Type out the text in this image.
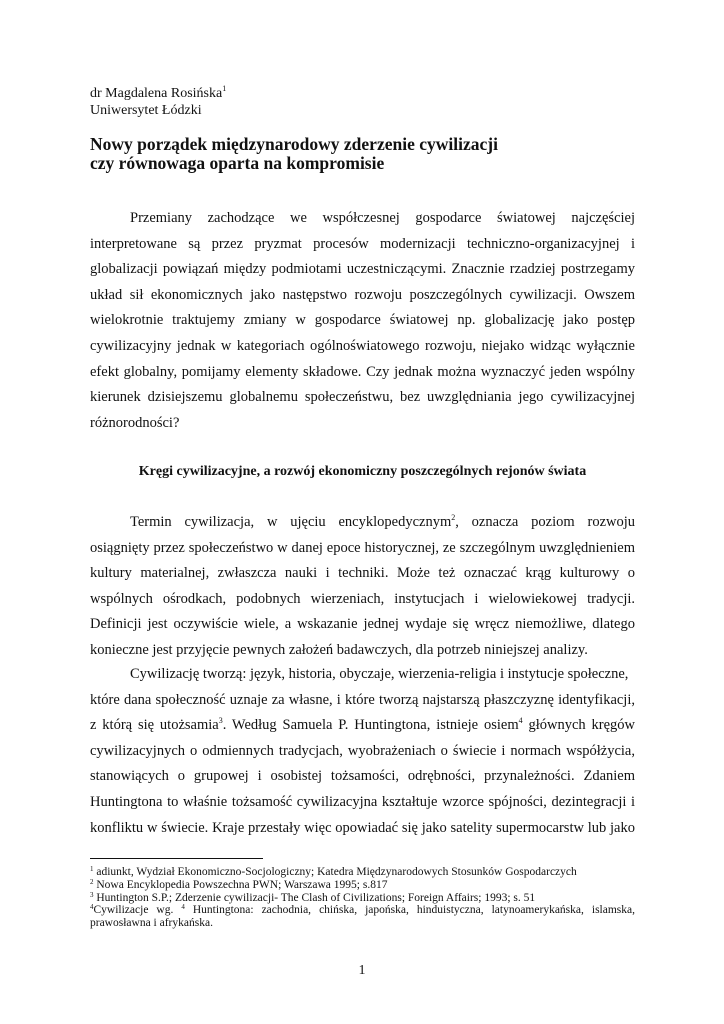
dr Magdalena Rosińska$^1$
Uniwersytet Łódzki
Nowy porządek międzynarodowy zderzenie cywilizacji
czy równowaga oparta na kompromisie
Przemiany zachodzące we współczesnej gospodarce światowej najczęściej
interpretowane są przez pryzmat procesów modernizacji techniczno-organizacyjnej i
globalizacji powiązań między podmiotami uczestniczącymi. Znacznie rzadziej postrzegamy
układ sił ekonomicznych jako następstwo rozwoju poszczególnych cywilizacji. Owszem
wielokrotnie traktujemy zmiany w gospodarce światowej np. globalizację jako postęp
cywilizacyjny jednak w kategoriach ogólnoświatowego rozwoju, niejako widząc wyłącznie
efekt globalny, pomijamy elementy składowe. Czy jednak można wyznaczyć jeden wspólny
kierunek dzisiejszemu globalnemu społeczeństwu, bez uwzględniania jego cywilizacyjnej
różnorodności?
Kręgi cywilizacyjne, a rozwój ekonomiczny poszczególnych rejonów świata
Termin cywilizacja, w ujęciu encyklopedycznym$^2$, oznacza poziom rozwoju
osiągnięty przez społeczeństwo w danej epoce historycznej, ze szczególnym uwzględnieniem
kultury materialnej, zwłaszcza nauki i techniki. Może też oznaczać krąg kulturowy o
wspólnych ośrodkach, podobnych wierzeniach, instytucjach i wielowiekowej tradycji.
Definicji jest oczywiście wiele, a wskazanie jednej wydaje się wręcz niemożliwe, dlatego
konieczne jest przyjęcie pewnych założeń badawczych, dla potrzeb niniejszej analizy.
Cywilizację tworzą: język, historia, obyczaje, wierzenia-religia i instytucje społeczne,
które dana społeczność uznaje za własne, i które tworzą najstarszą płaszczyznę identyfikacji,
z którą się utożsamia$^3$. Według Samuela P. Huntingtona, istnieje osiem$^4$ głównych kręgów
cywilizacyjnych o odmiennych tradycjach, wyobrażeniach o świecie i normach współżycia,
stanowiących o grupowej i osobistej tożsamości, odrębności, przynależności. Zdaniem
Huntingtona to właśnie tożsamość cywilizacyjna kształtuje wzorce spójności, dezintegracji i
konfliktu w świecie. Kraje przestały więc opowiadać się jako satelity supermocarstw lub jako
$^1$ adiunkt, Wydział Ekonomiczno-Socjologiczny; Katedra Międzynarodowych Stosunków Gospodarczych
$^2$ Nowa Encyklopedia Powszechna PWN; Warszawa 1995; s.817
$^3$ Huntington S.P.; Zderzenie cywilizacji- The Clash of Civilizations; Foreign Affairs; 1993; s. 51
$^4$Cywilizacje wg. $^4$ Huntingtona: zachodnia, chińska, japońska, hinduistyczna, latynoamerykańska, islamska,
prawosławna i afrykańska.
1
